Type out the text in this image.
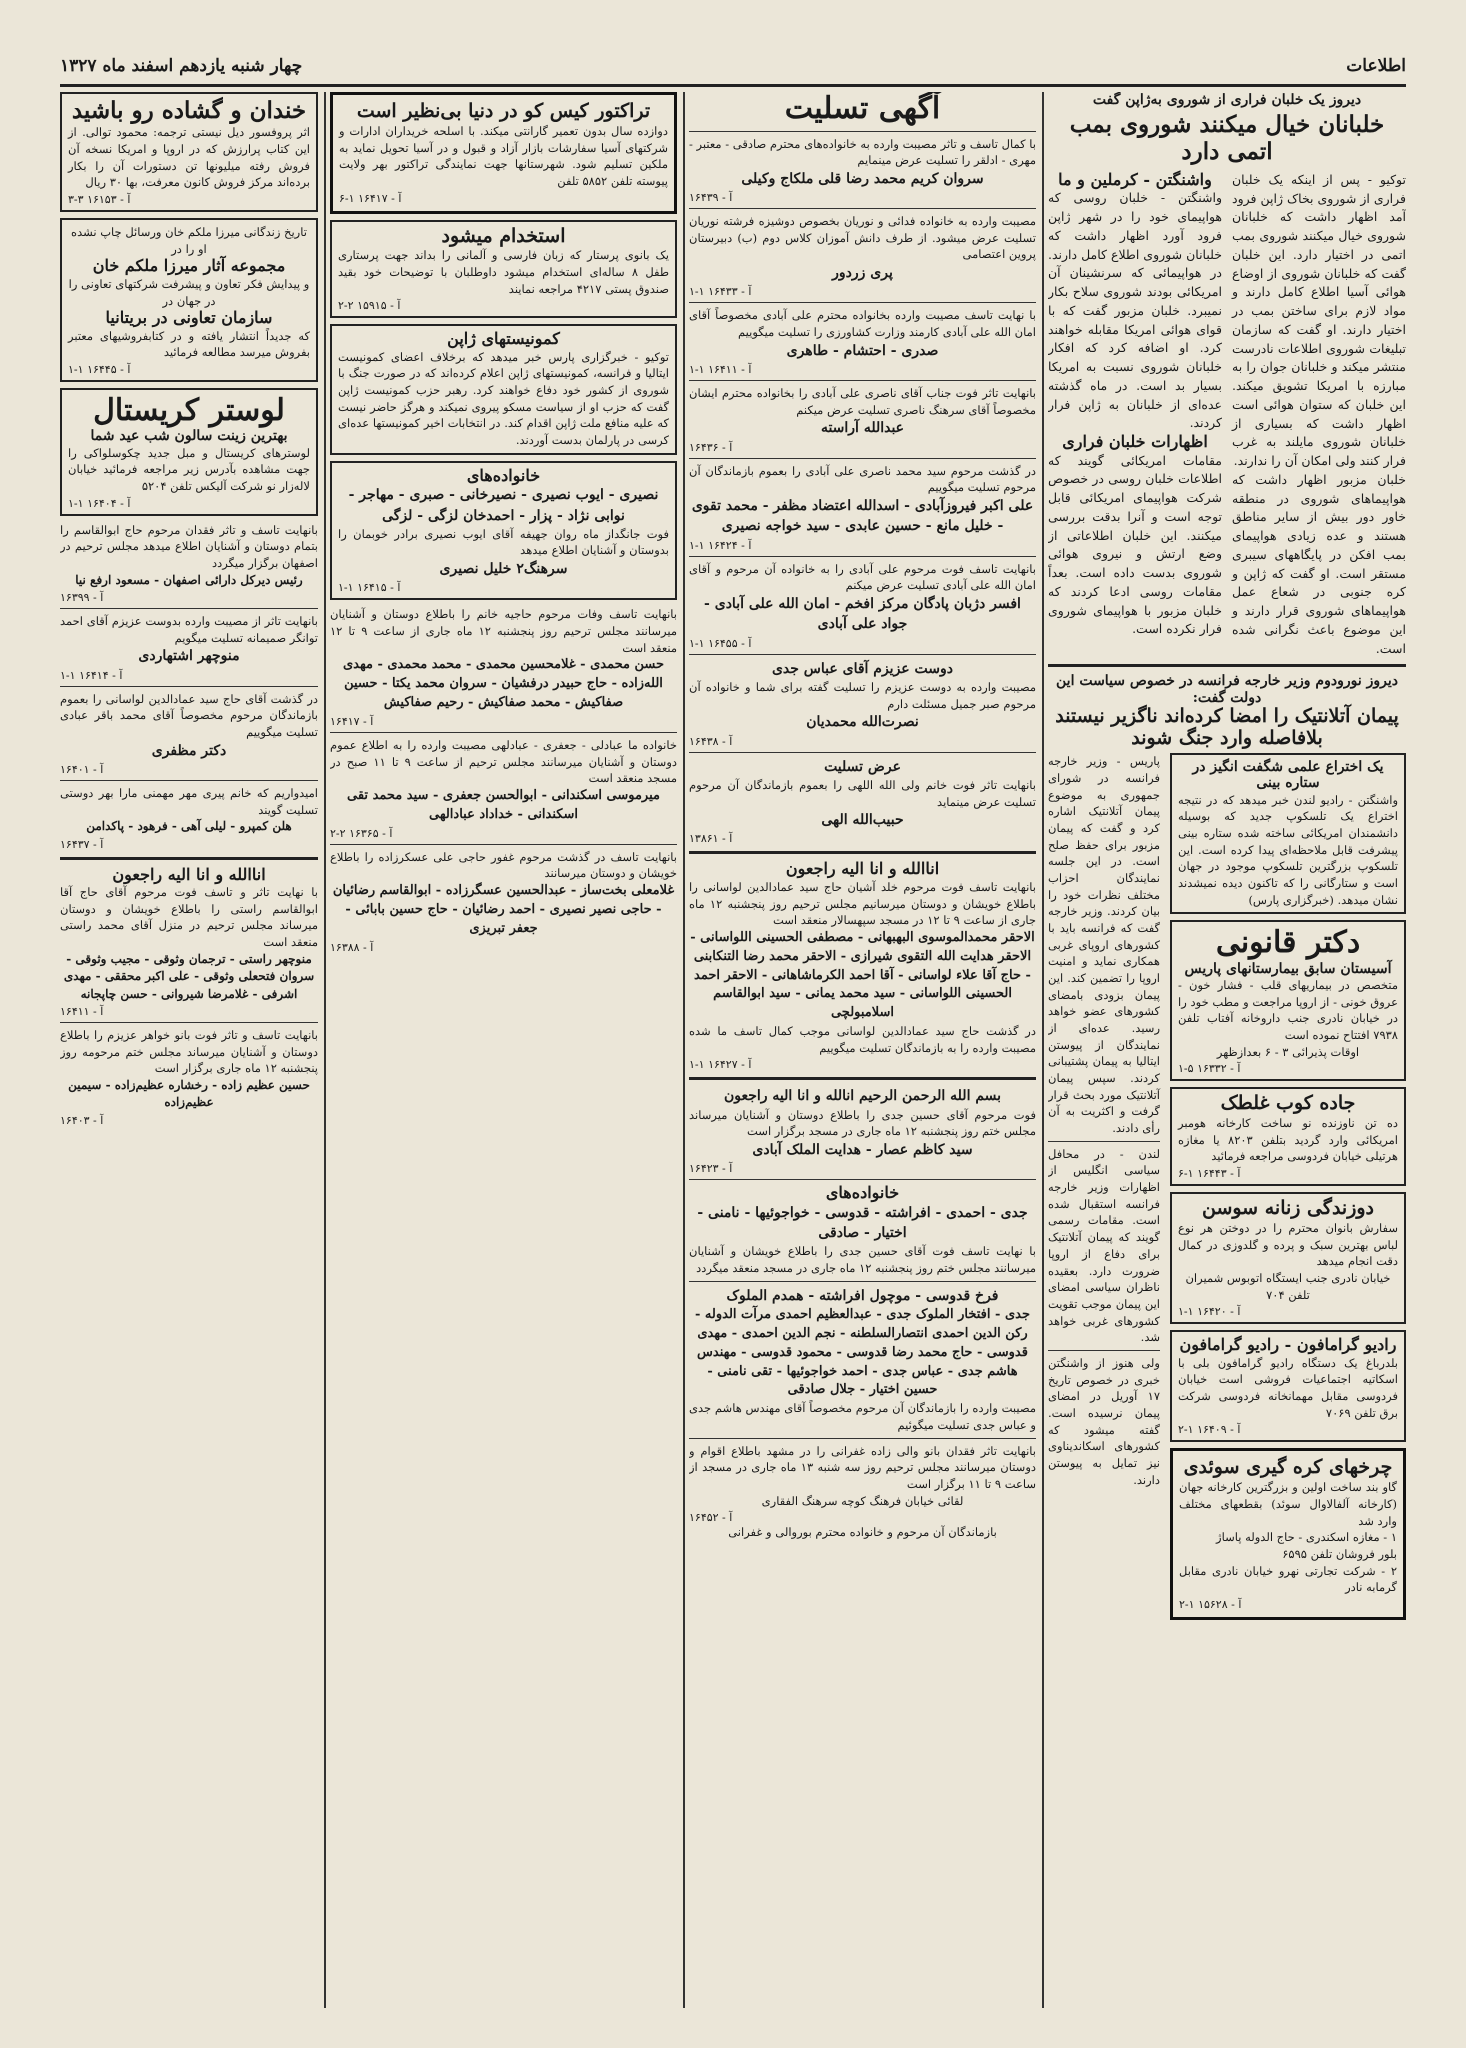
اطلاعات
چهار شنبه یازدهم اسفند ماه ۱۳۲۷
دیروز یک خلبان فراری از شوروی به‌ژاپن گفت
خلبانان خیال میکنند شوروی بمب اتمی دارد
توکیو - پس از اینکه یک خلبان فراری از شوروی بخاک ژاپن فرود آمد اظهار داشت که خلبانان شوروی خیال میکنند شوروی بمب اتمی در اختیار دارد. این خلبان گفت که خلبانان شوروی از اوضاع هوائی آسیا اطلاع کامل دارند و مواد لازم برای ساختن بمب در اختیار دارند. او گفت که سازمان تبلیغات شوروی اطلاعات نادرست منتشر میکند و خلبانان جوان را به مبارزه با امریکا تشویق میکند. این خلبان که ستوان هوائی است اظهار داشت که بسیاری از خلبانان شوروی مایلند به غرب فرار کنند ولی امکان آن را ندارند.
خلبان مزبور اظهار داشت که هواپیماهای شوروی در منطقه خاور دور بیش از سایر مناطق هستند و عده زیادی هواپیمای بمب افکن در پایگاههای سیبری مستقر است. او گفت که ژاپن و کره جنوبی در شعاع عمل هواپیماهای شوروی قرار دارند و این موضوع باعث نگرانی شده است.
واشنگتن - کرملین و ما
واشنگتن - خلبان روسی که هواپیمای خود را در شهر ژاپن فرود آورد اظهار داشت که خلبانان شوروی اطلاع کامل دارند. در هواپیمائی که سرنشینان آن امریکائی بودند شوروی سلاح بکار نمیبرد. خلبان مزبور گفت که با قوای هوائی امریکا مقابله خواهند کرد. او اضافه کرد که افکار خلبانان شوروی نسبت به امریکا بسیار بد است. در ماه گذشته عده‌ای از خلبانان به ژاپن فرار کردند.
اظهارات خلبان فراری
مقامات امریکائی گویند که اطلاعات خلبان روسی در خصوص شرکت هواپیمای امریکائی قابل توجه است و آنرا بدقت بررسی میکنند. این خلبان اطلاعاتی از وضع ارتش و نیروی هوائی شوروی بدست داده است. بعداً مقامات روسی ادعا کردند که خلبان مزبور با هواپیمای شوروی فرار نکرده است.
دیروز نورودوم وزیر خارجه فرانسه در خصوص سیاست این دولت گفت:
پیمان آتلانتیک را امضا کرده‌اند ناگزیر نیستند
بلافاصله وارد جنگ شوند
یک اختراع علمی شگفت انگیز در ستاره بینی
واشنگتن - رادیو لندن خبر میدهد که در نتیجه اختراع یک تلسکوپ جدید که بوسیله دانشمندان امریکائی ساخته شده ستاره بینی پیشرفت قابل ملاحظه‌ای پیدا کرده است. این تلسکوپ بزرگترین تلسکوپ موجود در جهان است و ستارگانی را که تاکنون دیده نمیشدند نشان میدهد. (خبرگزاری پارس)
دکتر قانونی
آسیستان سابق بیمارستانهای پاریس
متخصص در بیماریهای قلب - فشار خون - عروق خونی - از اروپا مراجعت و مطب خود را در خیابان نادری جنب داروخانه آفتاب تلفن ۷۹۳۸ افتتاح نموده است
اوقات پذیرائی ۳ - ۶ بعدازظهر
آ - ۱۶۳۳۲ ۵-۱
جاده کوب غلطک
ده تن ناوزنده نو ساخت کارخانه هومبر امریکائی وارد گردید بتلفن ۸۲۰۳ یا مغازه هرتیلی خیابان فردوسی مراجعه فرمائید
آ - ۱۶۴۴۳ ۱-۶
دوزندگی زنانه سوسن
سفارش بانوان محترم را در دوختن هر نوع لباس بهترین سبک و پرده و گلدوزی در کمال دقت انجام میدهد
خیابان نادری جنب ایستگاه اتوبوس شمیران تلفن ۷۰۴
آ - ۱۶۴۲۰ ۱-۱
رادیو گرامافون - رادیو گرامافون
بلدرباغ یک دستگاه رادیو گرامافون بلی با اسکاتیه اجتماعیات فروشی است خیابان فردوسی مقابل مهمانخانه فردوسی شرکت برق تلفن ۷۰۶۹
آ - ۱۶۴۰۹ ۱-۲
چرخهای کره گیری سوئدی
گاو بند ساخت اولین و بزرگترین کارخانه جهان (کارخانه آلفالاوال سوئد) بقطعهای مختلف وارد شد
۱ - مغازه اسکندری - حاج الدوله پاساژ
بلور فروشان تلفن ۶۵۹۵
۲ - شرکت تجارتی نهرو خیابان نادری مقابل گرمابه نادر
آ - ۱۵۶۲۸ ۱-۲
پاریس - وزیر خارجه فرانسه در شورای جمهوری به موضوع پیمان آتلانتیک اشاره کرد و گفت که پیمان مزبور برای حفظ صلح است. در این جلسه نمایندگان احزاب مختلف نظرات خود را بیان کردند. وزیر خارجه گفت که فرانسه باید با کشورهای اروپای غربی همکاری نماید و امنیت اروپا را تضمین کند. این پیمان بزودی بامضای کشورهای عضو خواهد رسید. عده‌ای از نمایندگان از پیوستن ایتالیا به پیمان پشتیبانی کردند. سپس پیمان آتلانتیک مورد بحث قرار گرفت و اکثریت به آن رأی دادند.
لندن - در محافل سیاسی انگلیس از اظهارات وزیر خارجه فرانسه استقبال شده است. مقامات رسمی گویند که پیمان آتلانتیک برای دفاع از اروپا ضرورت دارد. بعقیده ناظران سیاسی امضای این پیمان موجب تقویت کشورهای غربی خواهد شد.
ولی هنوز از واشنگتن خبری در خصوص تاریخ ۱۷ آوریل در امضای پیمان نرسیده است. گفته میشود که کشورهای اسکاندیناوی نیز تمایل به پیوستن دارند.
آگهی تسلیت
با کمال تاسف و تاثر مصیبت وارده به خانواده‌های محترم صادقی - معتبر - مهری - ادلقر را تسلیت عرض مینمایم
سروان کریم محمد رضا قلی ملکاج وکیلی
آ - ۱۶۴۳۹
مصیبت وارده به خانواده فدائی و نوریان بخصوص دوشیزه فرشته نوریان تسلیت عرض میشود. از طرف دانش آموزان کلاس دوم (ب) دبیرستان پروین اعتصامی
پری زردور
آ - ۱۶۴۳۳ ۱-۱
با نهایت تاسف مصیبت وارده بخانواده محترم علی آبادی مخصوصاً آقای امان الله علی آبادی کارمند وزارت کشاورزی را تسلیت میگوییم
صدری - احتشام - طاهری
آ - ۱۶۴۱۱ ۱-۱
بانهایت تاثر فوت جناب آقای ناصری علی آبادی را بخانواده محترم ایشان مخصوصاً آقای سرهنگ ناصری تسلیت عرض میکنم
عبدالله آراسته
آ - ۱۶۴۳۶
در گذشت مرحوم سید محمد ناصری علی آبادی را بعموم بازماندگان آن مرحوم تسلیت میگوییم
علی اکبر فیروزآبادی - اسدالله اعتضاد مظفر - محمد تقوی - خلیل مانع - حسین عابدی - سید خواجه نصیری
آ - ۱۶۴۲۴ ۱-۱
بانهایت تاسف فوت مرحوم علی آبادی را به خانواده آن مرحوم و آقای امان الله علی آبادی تسلیت عرض میکنم
افسر دژبان پادگان مرکز افخم - امان الله علی آبادی - جواد علی آبادی
آ - ۱۶۴۵۵ ۱-۱
دوست عزیزم آقای عباس جدی
مصیبت وارده به دوست عزیزم را تسلیت گفته برای شما و خانواده آن مرحوم صبر جمیل مسئلت دارم
نصرت‌الله محمدیان
آ - ۱۶۴۳۸
عرض تسلیت
بانهایت تاثر فوت خانم ولی الله اللهی را بعموم بازماندگان آن مرحوم تسلیت عرض مینماید
حبیب‌الله الهی
آ - ۱۳۸۶۱
اناالله و انا الیه راجعون
بانهایت تاسف فوت مرحوم خلد آشیان حاج سید عمادالدین لواسانی را باطلاع خویشان و دوستان میرسانیم مجلس ترحیم روز پنجشنبه ۱۲ ماه جاری از ساعت ۹ تا ۱۲ در مسجد سپهسالار منعقد است
الاحقر محمدالموسوی البهبهانی - مصطفی الحسینی اللواسانی - الاحقر هدایت الله التقوی شیرازی - الاحقر محمد رضا التنکابنی - حاج آقا علاء لواسانی - آقا احمد الکرماشاهانی - الاحقر احمد الحسینی اللواسانی - سید محمد یمانی - سید ابوالقاسم اسلامبولچی
در گذشت حاج سید عمادالدین لواسانی موجب کمال تاسف ما شده مصیبت وارده را به بازماندگان تسلیت میگوییم
آ - ۱۶۴۲۷ ۱-۱
بسم الله الرحمن الرحیم انالله و انا الیه راجعون
فوت مرحوم آقای حسین جدی را باطلاع دوستان و آشنایان میرساند مجلس ختم روز پنجشنبه ۱۲ ماه جاری در مسجد برگزار است
سید کاظم عصار - هدایت الملک آبادی
آ - ۱۶۴۲۳
خانواده‌های
جدی - احمدی - افراشته - قدوسی - خواجوئیها - نامنی - اختیار - صادقی
با نهایت تاسف فوت آقای حسین جدی را باطلاع خویشان و آشنایان میرسانند مجلس ختم روز پنجشنبه ۱۲ ماه جاری در مسجد منعقد میگردد
فرخ قدوسی - موچول افراشته - همدم الملوک
جدی - افتخار الملوک جدی - عبدالعظیم احمدی مرآت الدوله - رکن الدین احمدی انتصارالسلطنه - نجم الدین احمدی - مهدی قدوسی - حاج محمد رضا قدوسی - محمود قدوسی - مهندس هاشم جدی - عباس جدی - احمد خواجوئیها - تقی نامنی - حسین اختیار - جلال صادقی
مصیبت وارده را بازماندگان آن مرحوم مخصوصاً آقای مهندس هاشم جدی و عباس جدی تسلیت میگوئیم
بانهایت تاثر فقدان بانو والی زاده غفرانی را در مشهد باطلاع اقوام و دوستان میرسانند مجلس ترحیم روز سه شنبه ۱۳ ماه جاری در مسجد از ساعت ۹ تا ۱۱ برگزار است
لقائی خیابان فرهنگ کوچه سرهنگ الفقاری
آ - ۱۶۴۵۲
بازماندگان آن مرحوم و خانواده محترم بوروالی و غفرانی
تراکتور کیس کو در دنیا بی‌نظیر است
دوازده سال بدون تعمیر گارانتی میکند. با اسلحه خریداران ادارات و شرکتهای آسیا سفارشات بازار آزاد و قبول و در آسیا تحویل نماید به ملکین تسلیم شود. شهرستانها جهت نمایندگی تراکتور بهر ولایت پیوسته تلفن ۵۸۵۲ تلفن
آ - ۱۶۴۱۷ ۱-۶
استخدام میشود
یک بانوی پرستار که زبان فارسی و آلمانی را بداند جهت پرستاری طفل ۸ ساله‌ای استخدام میشود داوطلبان با توضیحات خود بقید صندوق پستی ۴۲۱۷ مراجعه نمایند
آ - ۱۵۹۱۵ ۲-۲
کمونیستهای ژاپن
توکیو - خبرگزاری پارس خبر میدهد که برخلاف اعضای کمونیست ایتالیا و فرانسه، کمونیستهای ژاپن اعلام کرده‌اند که در صورت جنگ با شوروی از کشور خود دفاع خواهند کرد. رهبر حزب کمونیست ژاپن گفت که حزب او از سیاست مسکو پیروی نمیکند و هرگز حاضر نیست که علیه منافع ملت ژاپن اقدام کند. در انتخابات اخیر کمونیستها عده‌ای کرسی در پارلمان بدست آوردند.
خانواده‌های
نصیری - ایوب نصیری - نصیرخانی - صبری - مهاجر - نوابی نژاد - پزار - احمدخان لزگی - لزگی
فوت جانگداز ماه روان جهیفه آقای ایوب نصیری برادر خوبمان را بدوستان و آشنایان اطلاع میدهد
سرهنگ۲ خلیل نصیری
آ - ۱۶۴۱۵ ۱-۱
بانهایت تاسف وفات مرحوم حاجیه خانم را باطلاع دوستان و آشنایان میرسانند مجلس ترحیم روز پنجشنبه ۱۲ ماه جاری از ساعت ۹ تا ۱۲ منعقد است
حسن محمدی - غلامحسین محمدی - محمد محمدی - مهدی الله‌زاده - حاج حبیدر درفشیان - سروان محمد یکتا - حسین صفاکیش - محمد صفاکیش - رحیم صفاکیش
آ - ۱۶۴۱۷
خانواده ما عبادلی - جعفری - عبادلهی مصیبت وارده را به اطلاع عموم دوستان و آشنایان میرسانند مجلس ترحیم از ساعت ۹ تا ۱۱ صبح در مسجد منعقد است
میرموسی اسکندانی - ابوالحسن جعفری - سید محمد تقی اسکندانی - خداداد عبادالهی
آ - ۱۶۳۶۵ ۲-۲
بانهایت تاسف در گذشت مرحوم غفور حاجی علی عسکرزاده را باطلاع خویشان و دوستان میرسانند
غلامعلی بخت‌ساز - عبدالحسین عسگرزاده - ابوالقاسم رضائیان - حاجی نصیر نصیری - احمد رضائیان - حاج حسین بابائی - جعفر تبریزی
آ - ۱۶۳۸۸
خندان و گشاده رو باشید
اثر پروفسور دیل نیستی ترجمه: محمود توالی. از این کتاب پرارزش که در اروپا و امریکا نسخه آن فروش رفته میلیونها تن دستورات آن را بکار برده‌اند مرکز فروش کانون معرفت، بها ۳۰ ریال
آ - ۱۶۱۵۳ ۳-۳
تاریخ زندگانی میرزا ملکم خان ورسائل چاپ نشده او را در
مجموعه آثار میرزا ملکم خان
و پیدایش فکر تعاون و پیشرفت شرکتهای تعاونی را در جهان در
سازمان تعاونی در بریتانیا
که جدیداً انتشار یافته و در کتابفروشیهای معتبر بفروش میرسد مطالعه فرمائید
آ - ۱۶۴۴۵ ۱-۱
لوستر کریستال
بهترین زینت سالون شب عید شما
لوسترهای کریستال و مبل جدید چکوسلواکی را جهت مشاهده بآدرس زیر مراجعه فرمائید خیابان لاله‌زار نو شرکت آلیکس تلفن ۵۲۰۴
آ - ۱۶۴۰۴ ۱-۱
بانهایت تاسف و تاثر فقدان مرحوم حاج ابوالقاسم را بتمام دوستان و آشنایان اطلاع میدهد مجلس ترحیم در اصفهان برگزار میگردد
رئیس دیرکل دارائی اصفهان - مسعود ارفع نیا
آ - ۱۶۳۹۹
بانهایت تاثر از مصیبت وارده بدوست عزیزم آقای احمد توانگر صمیمانه تسلیت میگویم
منوچهر اشتهاردی
آ - ۱۶۴۱۴ ۱-۱
در گذشت آقای حاج سید عمادالدین لواسانی را بعموم بازماندگان مرحوم مخصوصاً آقای محمد باقر عبادی تسلیت میگوییم
دکتر مظفری
آ - ۱۶۴۰۱
امیدواریم که خانم پیری مهر مهمنی مارا بهر دوستی تسلیت گویند
هلن کمپرو - لیلی آهی - فرهود - پاکدامن
آ - ۱۶۴۳۷
اناالله و انا الیه راجعون
با نهایت تاثر و تاسف فوت مرحوم آقای حاج آقا ابوالقاسم راستی را باطلاع خویشان و دوستان میرساند مجلس ترحیم در منزل آقای محمد راستی منعقد است
منوچهر راستی - ترجمان وثوقی - مجیب وثوقی - سروان فتحعلی وثوقی - علی اکبر محققی - مهدی اشرفی - غلامرضا شیروانی - حسن چاپجانه
آ - ۱۶۴۱۱
بانهایت تاسف و تاثر فوت بانو خواهر عزیزم را باطلاع دوستان و آشنایان میرساند مجلس ختم مرحومه روز پنجشنبه ۱۲ ماه جاری برگزار است
حسین عظیم زاده - رخشاره عظیم‌زاده - سیمین عظیم‌زاده
آ - ۱۶۴۰۳
